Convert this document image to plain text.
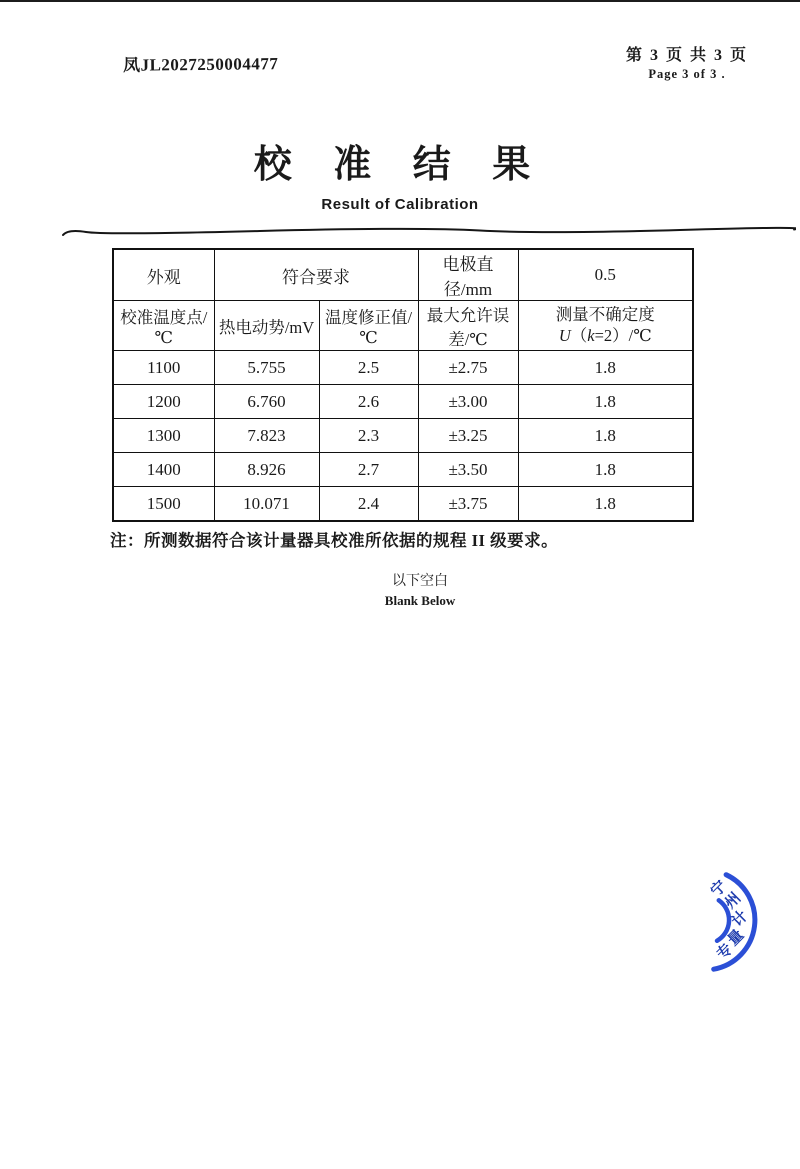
凤JL2027250004477	第 3 页 共 3 页
Page 3 of 3 .
校 准 结 果
Result of Calibration
外观	符合要求		电极直径/mm	0.5
校准温度点/℃	热电动势/mV	温度修正值/℃	最大允许误差/℃	测量不确定度
U（k=2）/℃

1100	5.755	2.5	±2.75	1.8
1200	6.760	2.6	±3.00	1.8
1300	7.823	2.3	±3.25	1.8
1400	8.926	2.7	±3.50	1.8
1500	10.071	2.4	±3.75	1.8
注：所测数据符合该计量器具校准所依据的规程 II 级要求。
以下空白
Blank Below
宁
州
计
量
专
